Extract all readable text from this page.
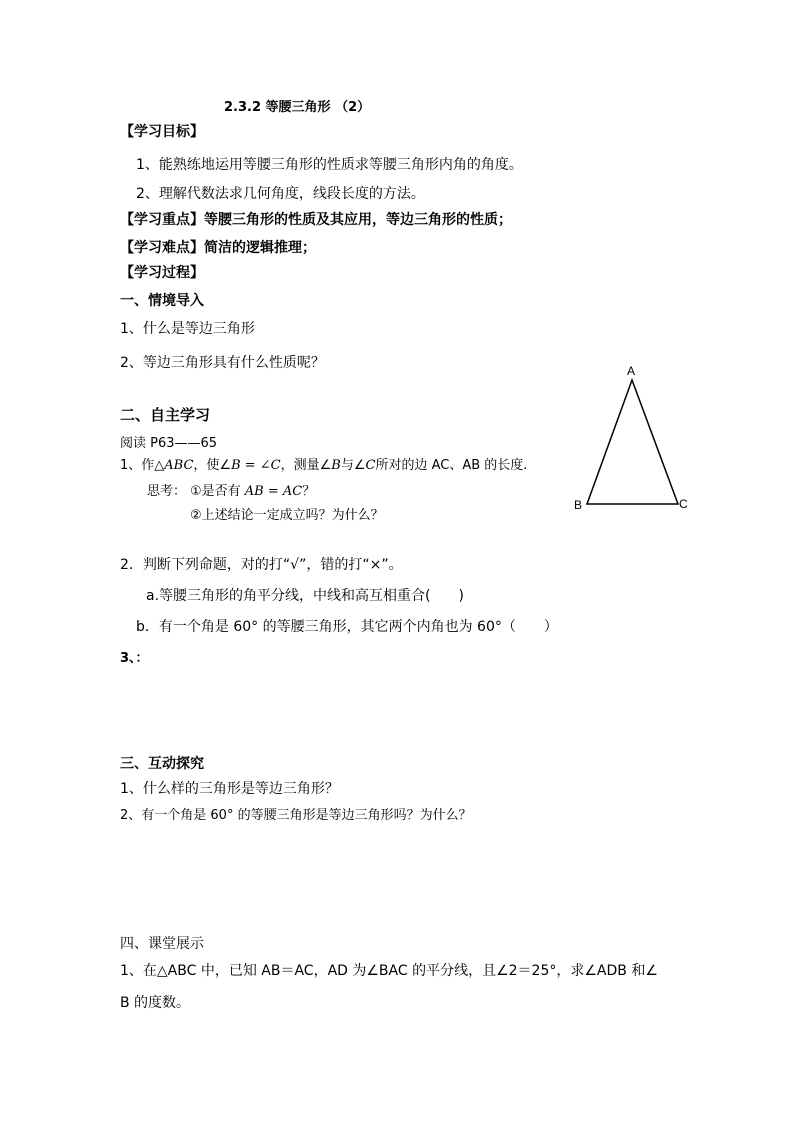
2.3.2 等腰三角形 （2）
【学习目标】
1、能熟练地运用等腰三角形的性质求等腰三角形内角的角度。
2、理解代数法求几何角度，线段长度的方法。
【学习重点】等腰三角形的性质及其应用，等边三角形的性质；
【学习难点】简洁的逻辑推理；
【学习过程】
一、情境导入
1、什么是等边三角形
2、等边三角形具有什么性质呢？
二、自主学习
阅读 P63——65
1、作△ABC，使∠B = ∠C，测量∠B与∠C所对的边 AC、AB 的长度.
思考： ①是否有 AB = AC？
②上述结论一定成立吗？为什么？
2．判断下列命题，对的打“√”，错的打“×”。
a.等腰三角形的角平分线，中线和高互相重合(　　)
b．有一个角是 60° 的等腰三角形，其它两个内角也为 60°（　　）
3、：
三、互动探究
1、什么样的三角形是等边三角形？
2、有一个角是 60° 的等腰三角形是等边三角形吗？为什么？
四、课堂展示
1、在△ABC 中，已知 AB＝AC，AD 为∠BAC 的平分线，且∠2＝25°，求∠ADB 和∠
B 的度数。
A
B	C
